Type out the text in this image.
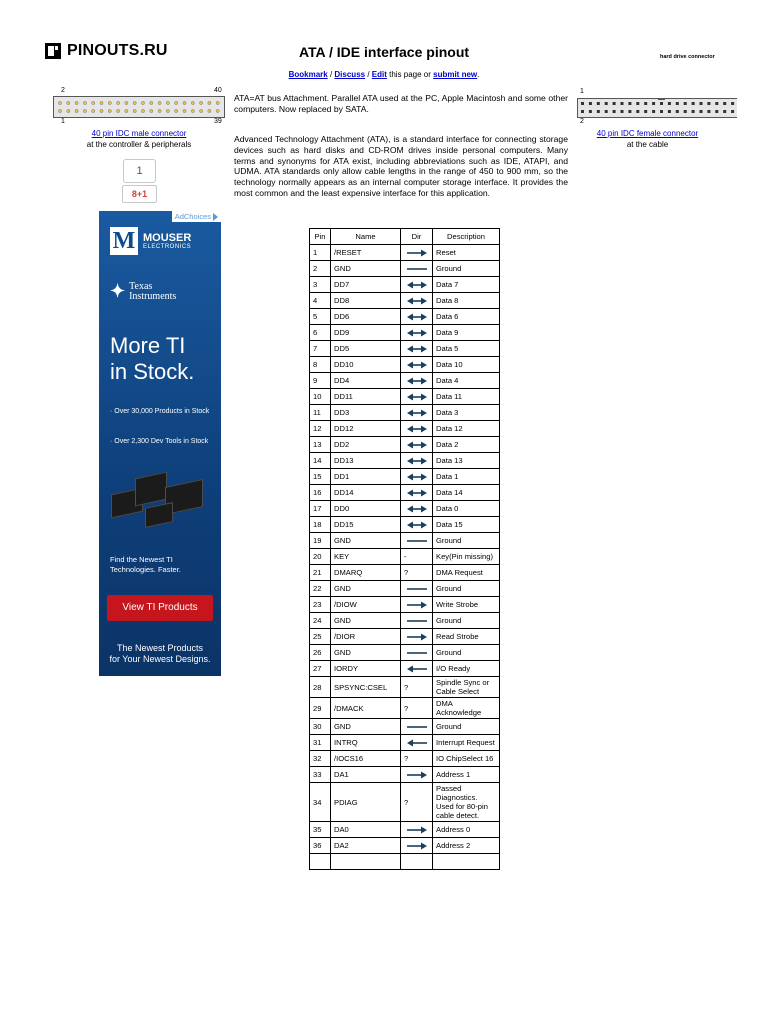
PINOUTS.RU	ATA / IDE interface pinout	hard drive connector
Bookmark / Discuss / Edit this page or submit new.
2	40
1	39
40 pin IDC male connector
at the controller & peripherals
1
2
40 pin IDC female connector
at the cable
1
8+1
AdChoices
M MOUSER
ELECTRONICS
✦ Texas
Instruments
More TI
in Stock.
· Over 30,000 Products in Stock
· Over 2,300 Dev Tools in Stock
Find the Newest TI Technologies. Faster.
View TI Products
The Newest Products
for Your Newest Designs.

ATA=AT bus Attachment. Parallel ATA used at the PC, Apple Macintosh and some other computers. Now replaced by SATA.

Advanced Technology Attachment (ATA), is a standard interface for connecting storage devices such as hard disks and CD-ROM drives inside personal computers. Many terms and synonyms for ATA exist, including abbreviations such as IDE, ATAPI, and UDMA. ATA standards only allow cable lengths in the range of 450 to 900 mm, so the technology normally appears as an internal computer storage interface. It provides the most common and the least expensive interface for this application.

Pin	Name	Dir	Description
1	/RESET		Reset
2	GND		Ground
3	DD7		Data 7
4	DD8		Data 8
5	DD6		Data 6
6	DD9		Data 9
7	DD5		Data 5
8	DD10		Data 10
9	DD4		Data 4
10	DD11		Data 11
11	DD3		Data 3
12	DD12		Data 12
13	DD2		Data 2
14	DD13		Data 13
15	DD1		Data 1
16	DD14		Data 14
17	DD0		Data 0
18	DD15		Data 15
19	GND		Ground
20	KEY	-	Key(Pin missing)
21	DMARQ	?	DMA Request
22	GND		Ground
23	/DIOW		Write Strobe
24	GND		Ground
25	/DIOR		Read Strobe
26	GND		Ground
27	IORDY		I/O Ready
28	SPSYNC:CSEL	?	Spindle Sync or Cable Select
29	/DMACK	?	DMA Acknowledge
30	GND		Ground
31	INTRQ		Interrupt Request
32	/IOCS16	?	IO ChipSelect 16
33	DA1		Address 1
34	PDIAG	?	Passed Diagnostics. Used for 80-pin cable detect.
35	DA0		Address 0
36	DA2		Address 2
